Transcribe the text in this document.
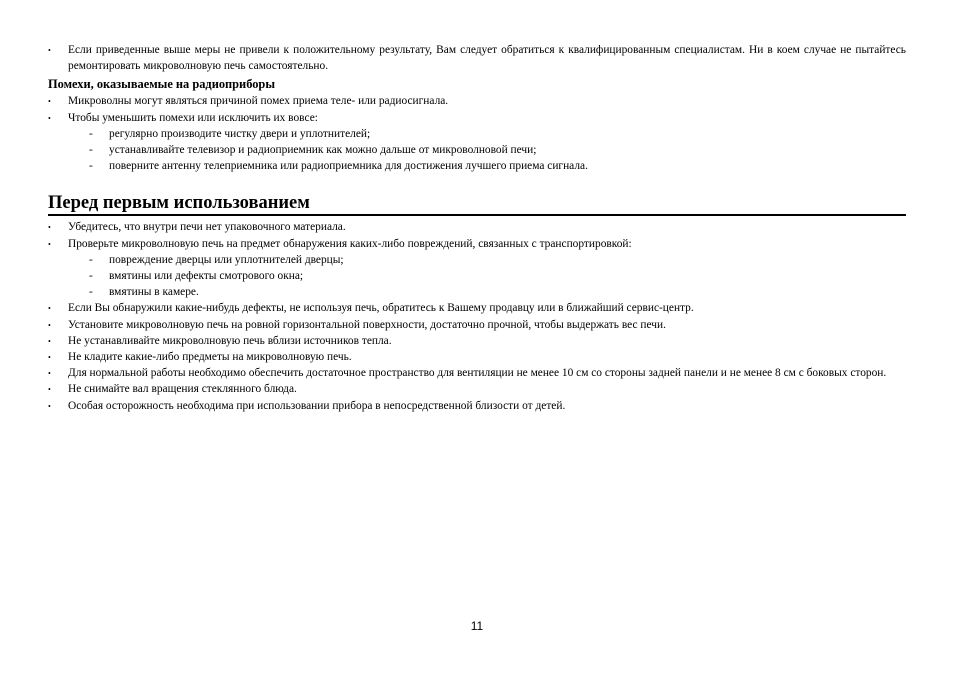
• Если приведенные выше меры не привели к положительному результату, Вам следует обратиться к квалифицированным специалистам. Ни в коем случае не пытайтесь ремонтировать микроволновую печь самостоятельно.
Помехи, оказываемые на радиоприборы
• Микроволны могут являться причиной помех приема теле- или радиосигнала.
• Чтобы уменьшить помехи или исключить их вовсе:
- регулярно производите чистку двери и уплотнителей;
- устанавливайте телевизор и радиоприемник как можно дальше от микроволновой печи;
- поверните антенну телеприемника или радиоприемника для достижения лучшего приема сигнала.
Перед первым использованием
• Убедитесь, что внутри печи нет упаковочного материала.
• Проверьте микроволновую печь на предмет обнаружения каких-либо повреждений, связанных с транспортировкой:
- повреждение дверцы или уплотнителей дверцы;
- вмятины или дефекты смотрового окна;
- вмятины в камере.
• Если Вы обнаружили какие-нибудь дефекты, не используя печь, обратитесь к Вашему продавцу или в ближайший сервис-центр.
• Установите микроволновую печь на ровной горизонтальной поверхности, достаточно прочной, чтобы выдержать вес печи.
• Не устанавливайте микроволновую печь вблизи источников тепла.
• Не кладите какие-либо предметы на микроволновую печь.
• Для нормальной работы необходимо обеспечить достаточное пространство для вентиляции не менее 10 см со стороны задней панели и не менее 8 см с боковых сторон.
• Не снимайте вал вращения стеклянного блюда.
• Особая осторожность необходима при использовании прибора в непосредственной близости от детей.
11
